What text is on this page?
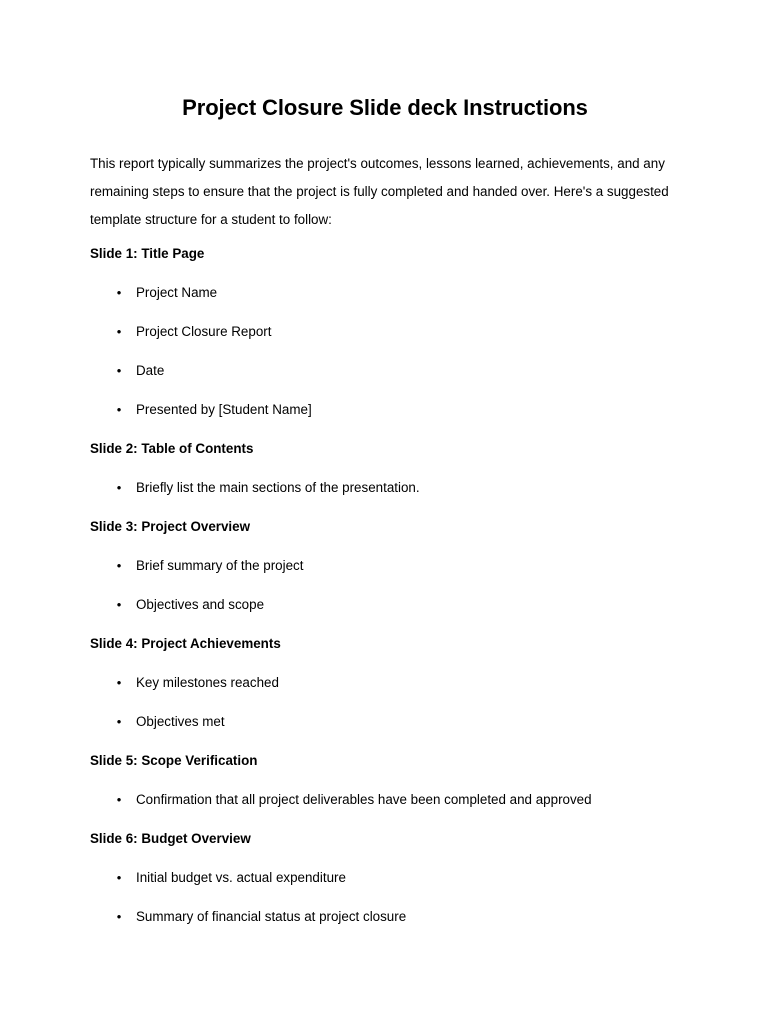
Project Closure Slide deck Instructions

This report typically summarizes the project's outcomes, lessons learned, achievements, and any remaining steps to ensure that the project is fully completed and handed over. Here's a suggested template structure for a student to follow:

Slide 1: Title Page
• Project Name
• Project Closure Report
• Date
• Presented by [Student Name]
Slide 2: Table of Contents
• Briefly list the main sections of the presentation.
Slide 3: Project Overview
• Brief summary of the project
• Objectives and scope
Slide 4: Project Achievements
• Key milestones reached
• Objectives met
Slide 5: Scope Verification
• Confirmation that all project deliverables have been completed and approved
Slide 6: Budget Overview
• Initial budget vs. actual expenditure
• Summary of financial status at project closure
